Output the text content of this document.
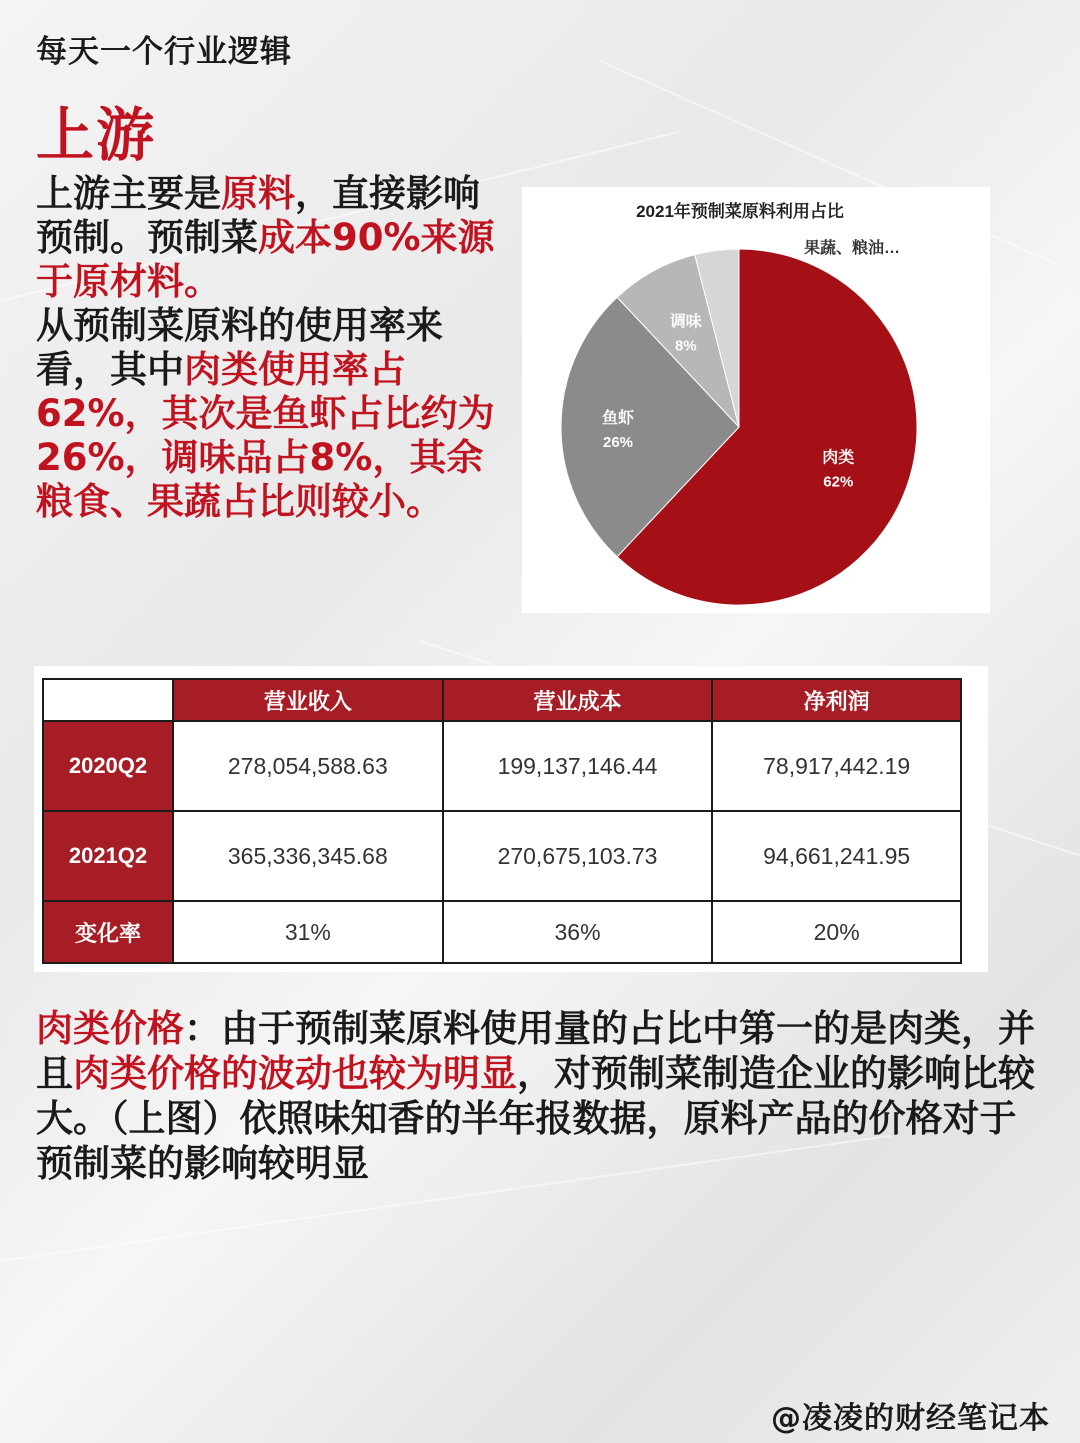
每天一个行业逻辑
上游

上游主要是原料，直接影响预制。预制菜成本90%来源于原材料。

从预制菜原料的使用率来看，其中肉类使用率占62%，其次是鱼虾占比约为26%，调味品占8%，其余粮食、果蔬占比则较小。

2021年预制菜原料利用占比
肉类
62%
鱼虾
26%
调味
8%
果蔬、粮油…
	营业收入	营业成本	净利润
2020Q2	278,054,588.63	199,137,146.44	78,917,442.19
2021Q2	365,336,345.68	270,675,103.73	94,661,241.95
变化率	31%	36%	20%

肉类价格：由于预制菜原料使用量的占比中第一的是肉类，并且肉类价格的波动也较为明显，对预制菜制造企业的影响比较大。（上图）依照味知香的半年报数据，原料产品的价格对于预制菜的影响较明显

@凌凌的财经笔记本
